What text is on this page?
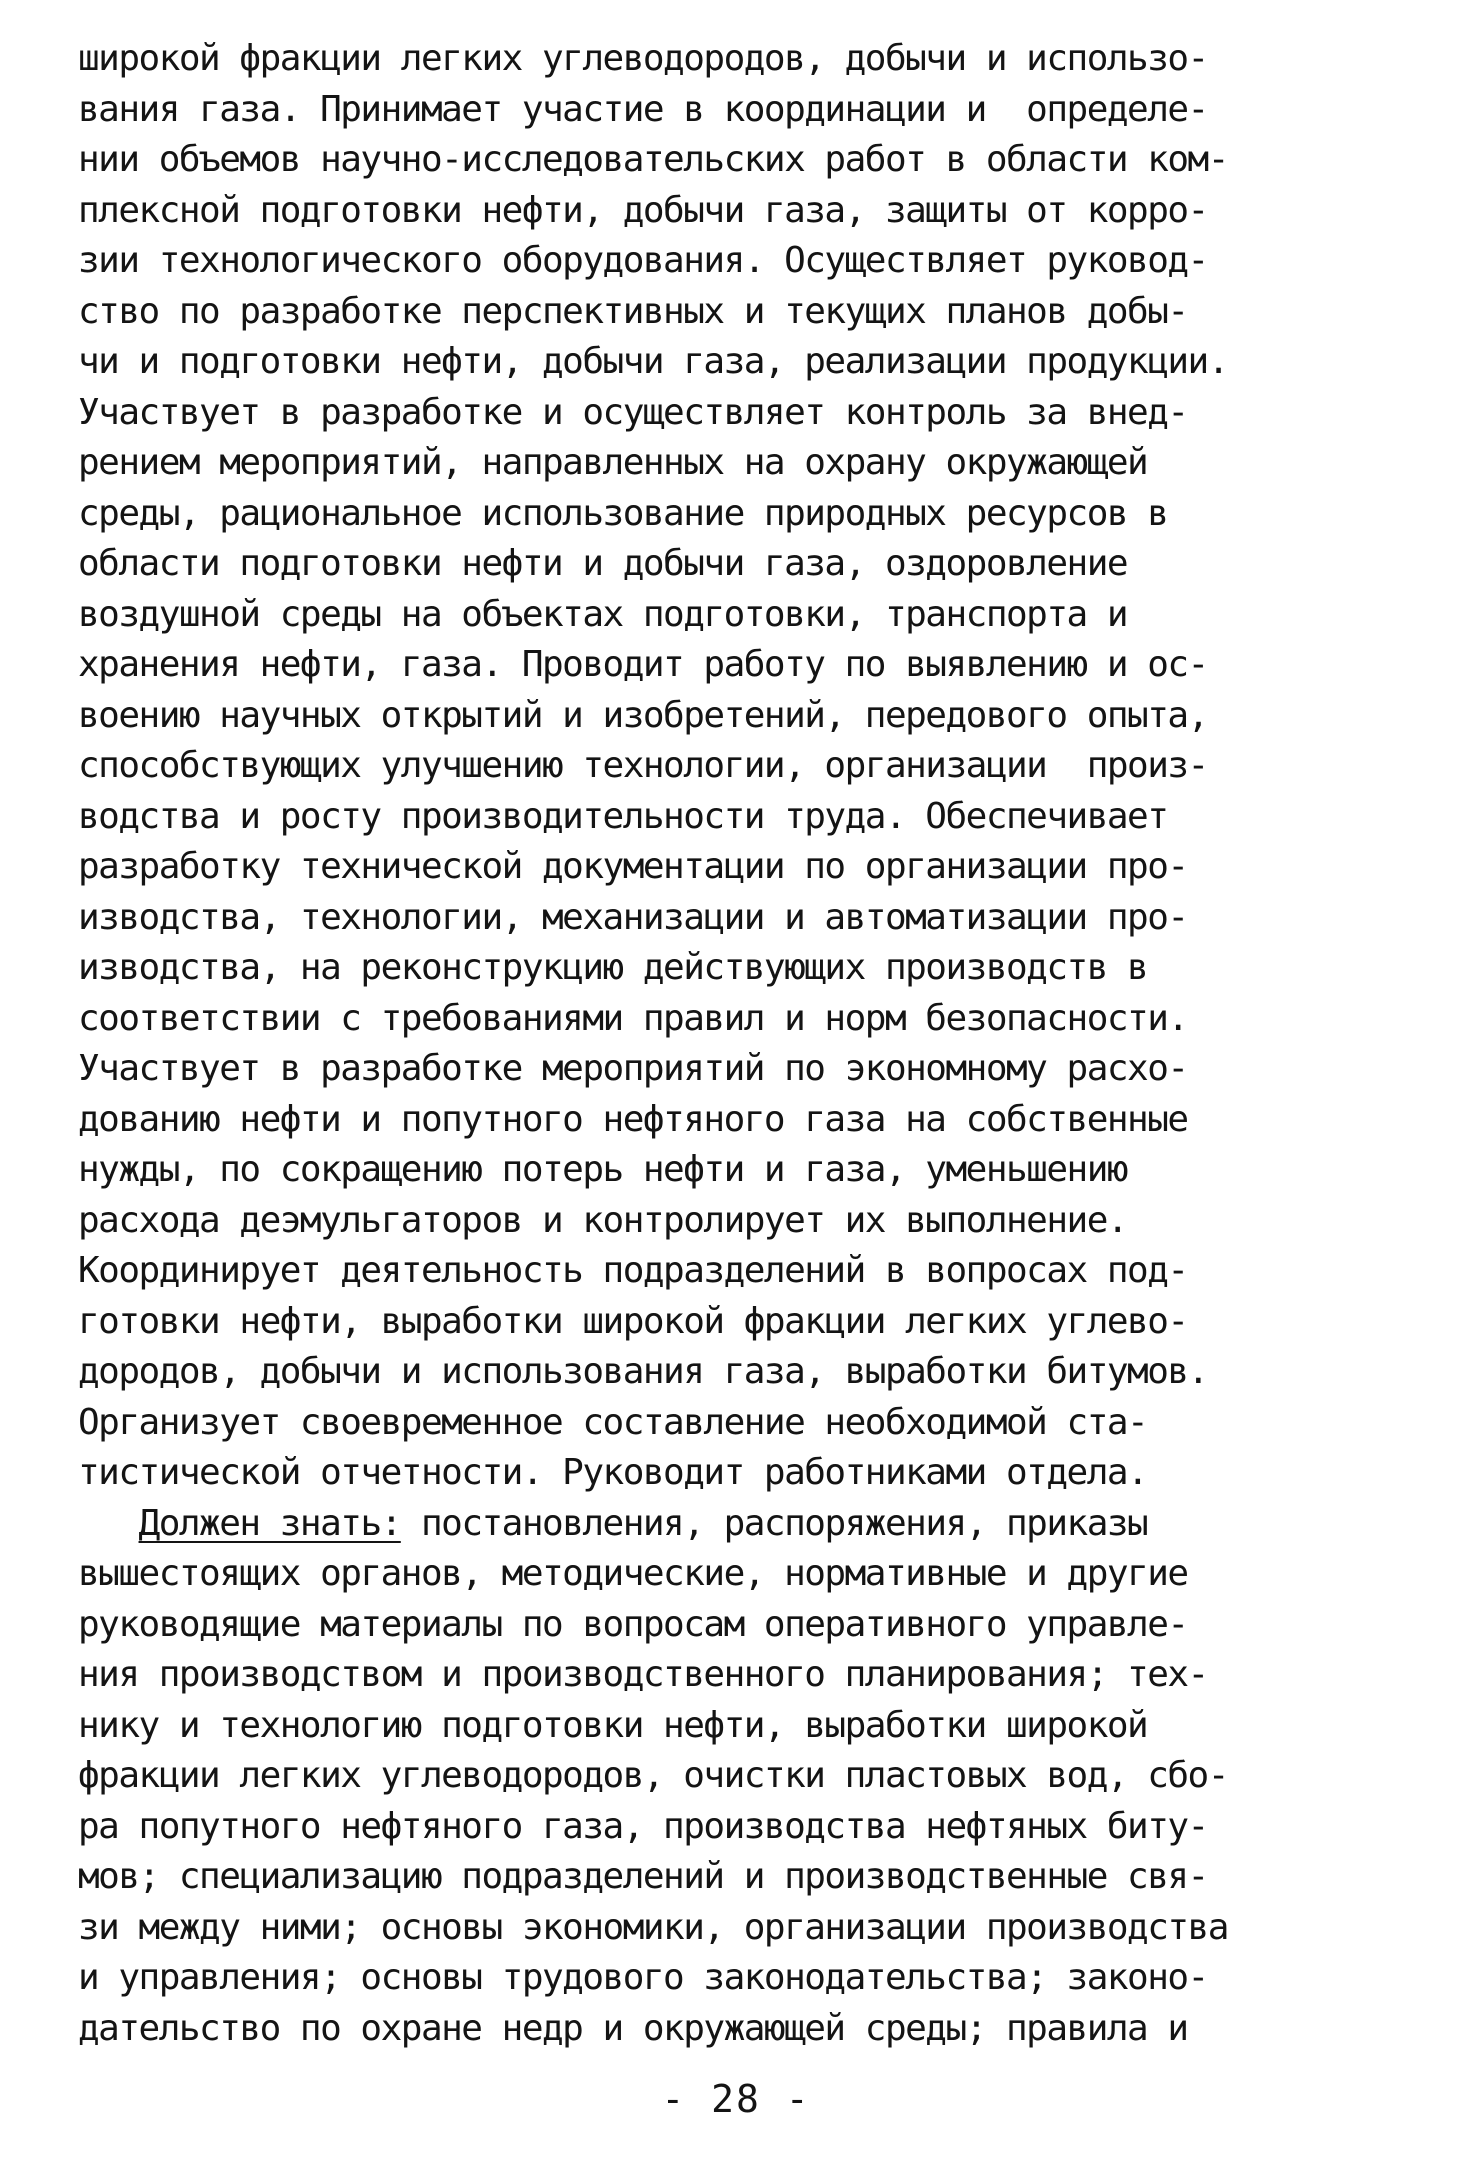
широкой фракции легких углеводородов, добычи и использо-
вания газа. Принимает участие в координации и  определе-
нии объемов научно-исследовательских работ в области ком-
плексной подготовки нефти, добычи газа, защиты от корро-
зии технологического оборудования. Осуществляет руковод-
ство по разработке перспективных и текущих планов добы-
чи и подготовки нефти, добычи газа, реализации продукции.
Участвует в разработке и осуществляет контроль за внед-
рением мероприятий, направленных на охрану окружающей
среды, рациональное использование природных ресурсов в
области подготовки нефти и добычи газа, оздоровление
воздушной среды на объектах подготовки, транспорта и
хранения нефти, газа. Проводит работу по выявлению и ос-
воению научных открытий и изобретений, передового опыта,
способствующих улучшению технологии, организации  произ-
водства и росту производительности труда. Обеспечивает
разработку технической документации по организации про-
изводства, технологии, механизации и автоматизации про-
изводства, на реконструкцию действующих производств в
соответствии с требованиями правил и норм безопасности.
Участвует в разработке мероприятий по экономному расхо-
дованию нефти и попутного нефтяного газа на собственные
нужды, по сокращению потерь нефти и газа, уменьшению
расхода деэмульгаторов и контролирует их выполнение.
Координирует деятельность подразделений в вопросах под-
готовки нефти, выработки широкой фракции легких углево-
дородов, добычи и использования газа, выработки битумов.
Организует своевременное составление необходимой ста-
тистической отчетности. Руководит работниками отдела.
Должен знать: постановления, распоряжения, приказы
вышестоящих органов, методические, нормативные и другие
руководящие материалы по вопросам оперативного управле-
ния производством и производственного планирования; тех-
нику и технологию подготовки нефти, выработки широкой
фракции легких углеводородов, очистки пластовых вод, сбо-
ра попутного нефтяного газа, производства нефтяных биту-
мов; специализацию подразделений и производственные свя-
зи между ними; основы экономики, организации производства
и управления; основы трудового законодательства; законо-
дательство по охране недр и окружающей среды; правила и
- 28 -
